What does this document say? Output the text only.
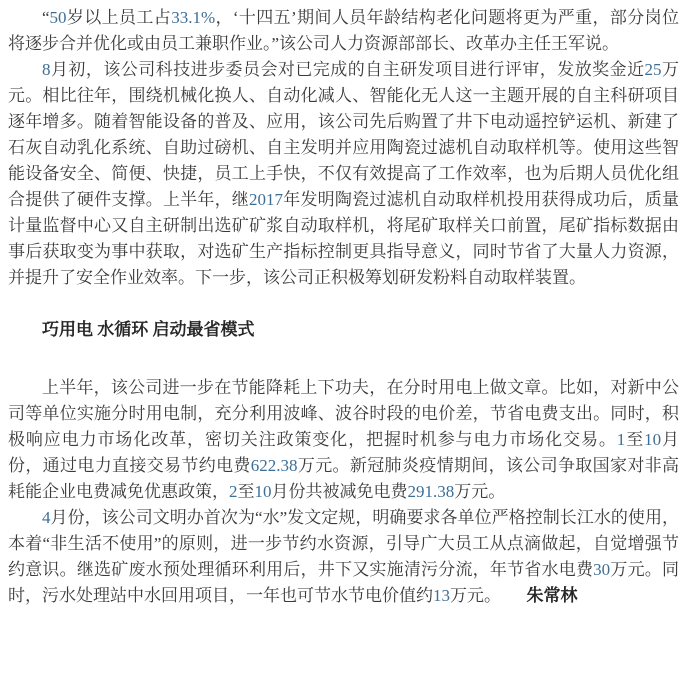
“50岁以上员工占33.1%，‘十四五’期间人员年龄结构老化问题将更为严重，部分岗位将逐步合并优化或由员工兼职作业。”该公司人力资源部部长、改革办主任王军说。

8月初，该公司科技进步委员会对已完成的自主研发项目进行评审，发放奖金近25万元。相比往年，围绕机械化换人、自动化减人、智能化无人这一主题开展的自主科研项目逐年增多。随着智能设备的普及、应用，该公司先后购置了井下电动遥控铲运机、新建了石灰自动乳化系统、自助过磅机、自主发明并应用陶瓷过滤机自动取样机等。使用这些智能设备安全、简便、快捷，员工上手快，不仅有效提高了工作效率，也为后期人员优化组合提供了硬件支撑。上半年，继2017年发明陶瓷过滤机自动取样机投用获得成功后，质量计量监督中心又自主研制出选矿矿浆自动取样机，将尾矿取样关口前置，尾矿指标数据由事后获取变为事中获取，对选矿生产指标控制更具指导意义，同时节省了大量人力资源，并提升了安全作业效率。下一步，该公司正积极筹划研发粉料自动取样装置。

巧用电 水循环 启动最省模式

上半年，该公司进一步在节能降耗上下功夫，在分时用电上做文章。比如，对新中公司等单位实施分时用电制，充分利用波峰、波谷时段的电价差，节省电费支出。同时，积极响应电力市场化改革，密切关注政策变化，把握时机参与电力市场化交易。1至10月份，通过电力直接交易节约电费622.38万元。新冠肺炎疫情期间，该公司争取国家对非高耗能企业电费减免优惠政策，2至10月份共被减免电费291.38万元。

4月份，该公司文明办首次为“水”发文定规，明确要求各单位严格控制长江水的使用，本着“非生活不使用”的原则，进一步节约水资源，引导广大员工从点滴做起，自觉增强节约意识。继选矿废水预处理循环利用后，井下又实施清污分流，年节省水电费30万元。同时，污水处理站中水回用项目，一年也可节水节电价值约13万元。　　 朱常林
